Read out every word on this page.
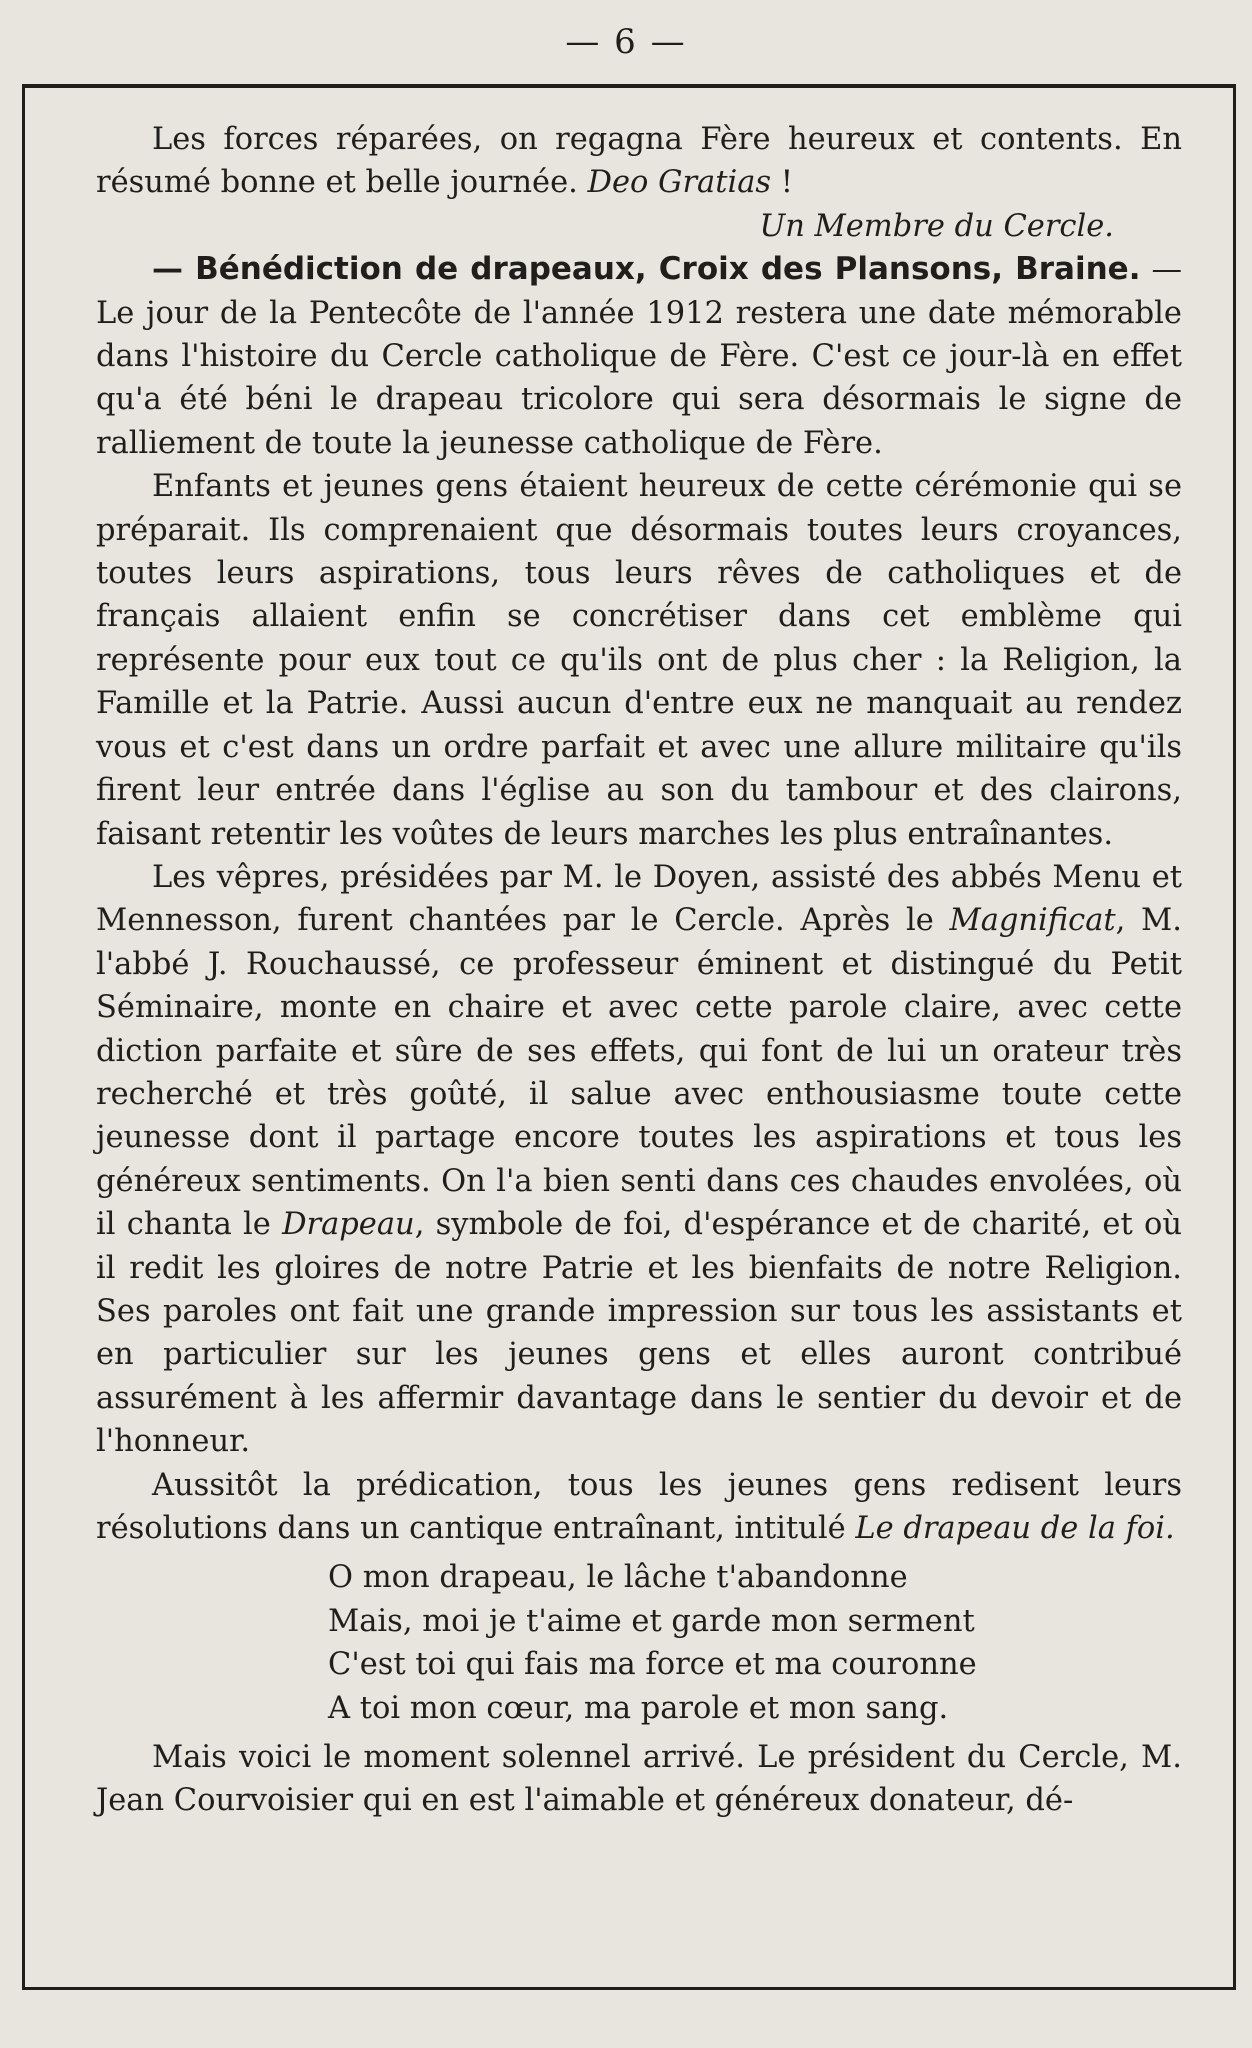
— 6 —

Les forces réparées, on regagna Fère heureux et contents. En résumé bonne et belle journée. Deo Gratias !

Un Membre du Cercle.

— Bénédiction de drapeaux, Croix des Plansons, Braine. — Le jour de la Pentecôte de l'année 1912 restera une date mémorable dans l'histoire du Cercle catholique de Fère. C'est ce jour-là en effet qu'a été béni le drapeau tricolore qui sera désormais le signe de ralliement de toute la jeunesse catholique de Fère.

Enfants et jeunes gens étaient heureux de cette cérémonie qui se préparait. Ils comprenaient que désormais toutes leurs croyances, toutes leurs aspirations, tous leurs rêves de catholiques et de français allaient enfin se concrétiser dans cet emblème qui représente pour eux tout ce qu'ils ont de plus cher : la Religion, la Famille et la Patrie. Aussi aucun d'entre eux ne manquait au rendez vous et c'est dans un ordre parfait et avec une allure militaire qu'ils firent leur entrée dans l'église au son du tambour et des clairons, faisant retentir les voûtes de leurs marches les plus entraînantes.

Les vêpres, présidées par M. le Doyen, assisté des abbés Menu et Mennesson, furent chantées par le Cercle. Après le Magnificat, M. l'abbé J. Rouchaussé, ce professeur éminent et distingué du Petit Séminaire, monte en chaire et avec cette parole claire, avec cette diction parfaite et sûre de ses effets, qui font de lui un orateur très recherché et très goûté, il salue avec enthousiasme toute cette jeunesse dont il partage encore toutes les aspirations et tous les généreux sentiments. On l'a bien senti dans ces chaudes envolées, où il chanta le Drapeau, symbole de foi, d'espérance et de charité, et où il redit les gloires de notre Patrie et les bienfaits de notre Religion. Ses paroles ont fait une grande impression sur tous les assistants et en particulier sur les jeunes gens et elles auront contribué assurément à les affermir davantage dans le sentier du devoir et de l'honneur.

Aussitôt la prédication, tous les jeunes gens redisent leurs résolutions dans un cantique entraînant, intitulé Le drapeau de la foi.

O mon drapeau, le lâche t'abandonne

Mais, moi je t'aime et garde mon serment

C'est toi qui fais ma force et ma couronne

A toi mon cœur, ma parole et mon sang.

Mais voici le moment solennel arrivé. Le président du Cercle, M. Jean Courvoisier qui en est l'aimable et généreux donateur, dé-
